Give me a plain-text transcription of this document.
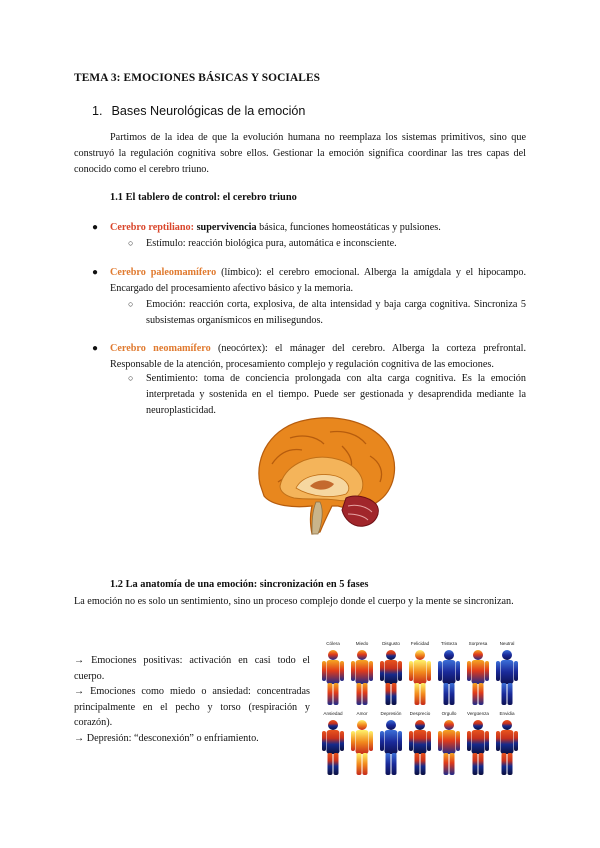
TEMA 3: EMOCIONES BÁSICAS Y SOCIALES
1. Bases Neurológicas de la emoción
Partimos de la idea de que la evolución humana no reemplaza los sistemas primitivos, sino que construyó la regulación cognitiva sobre ellos. Gestionar la emoción significa coordinar las tres capas del conocido como el cerebro triuno.
1.1 El tablero de control: el cerebro triuno
● Cerebro reptiliano: supervivencia básica, funciones homeostáticas y pulsiones.
○ Estímulo: reacción biológica pura, automática e inconsciente.
● Cerebro paleomamífero (límbico): el cerebro emocional. Alberga la amígdala y el hipocampo. Encargado del procesamiento afectivo básico y la memoria.
○ Emoción: reacción corta, explosiva, de alta intensidad y baja carga cognitiva. Sincroniza 5 subsistemas organísmicos en milisegundos.
● Cerebro neomamífero (neocórtex): el mánager del cerebro. Alberga la corteza prefrontal. Responsable de la atención, procesamiento complejo y regulación cognitiva de las emociones.
○ Sentimiento: toma de conciencia prolongada con alta carga cognitiva. Es la emoción interpretada y sostenida en el tiempo. Puede ser gestionada y desaprendida mediante la neuroplasticidad.
1.2 La anatomía de una emoción: sincronización en 5 fases
La emoción no es solo un sentimiento, sino un proceso complejo donde el cuerpo y la mente se sincronizan.
→ Emociones positivas: activación en casi todo el cuerpo.
→ Emociones como miedo o ansiedad: concentradas principalmente en el pecho y torso (respiración y corazón).
→ Depresión: “desconexión” o enfriamiento.
Cólera	Miedo	Disgusto	Felicidad	Tristeza	Sorpresa	Neutral
Ansiedad	Amor	Depresión	Desprecio	Orgullo	Vergüenza	Envidia
